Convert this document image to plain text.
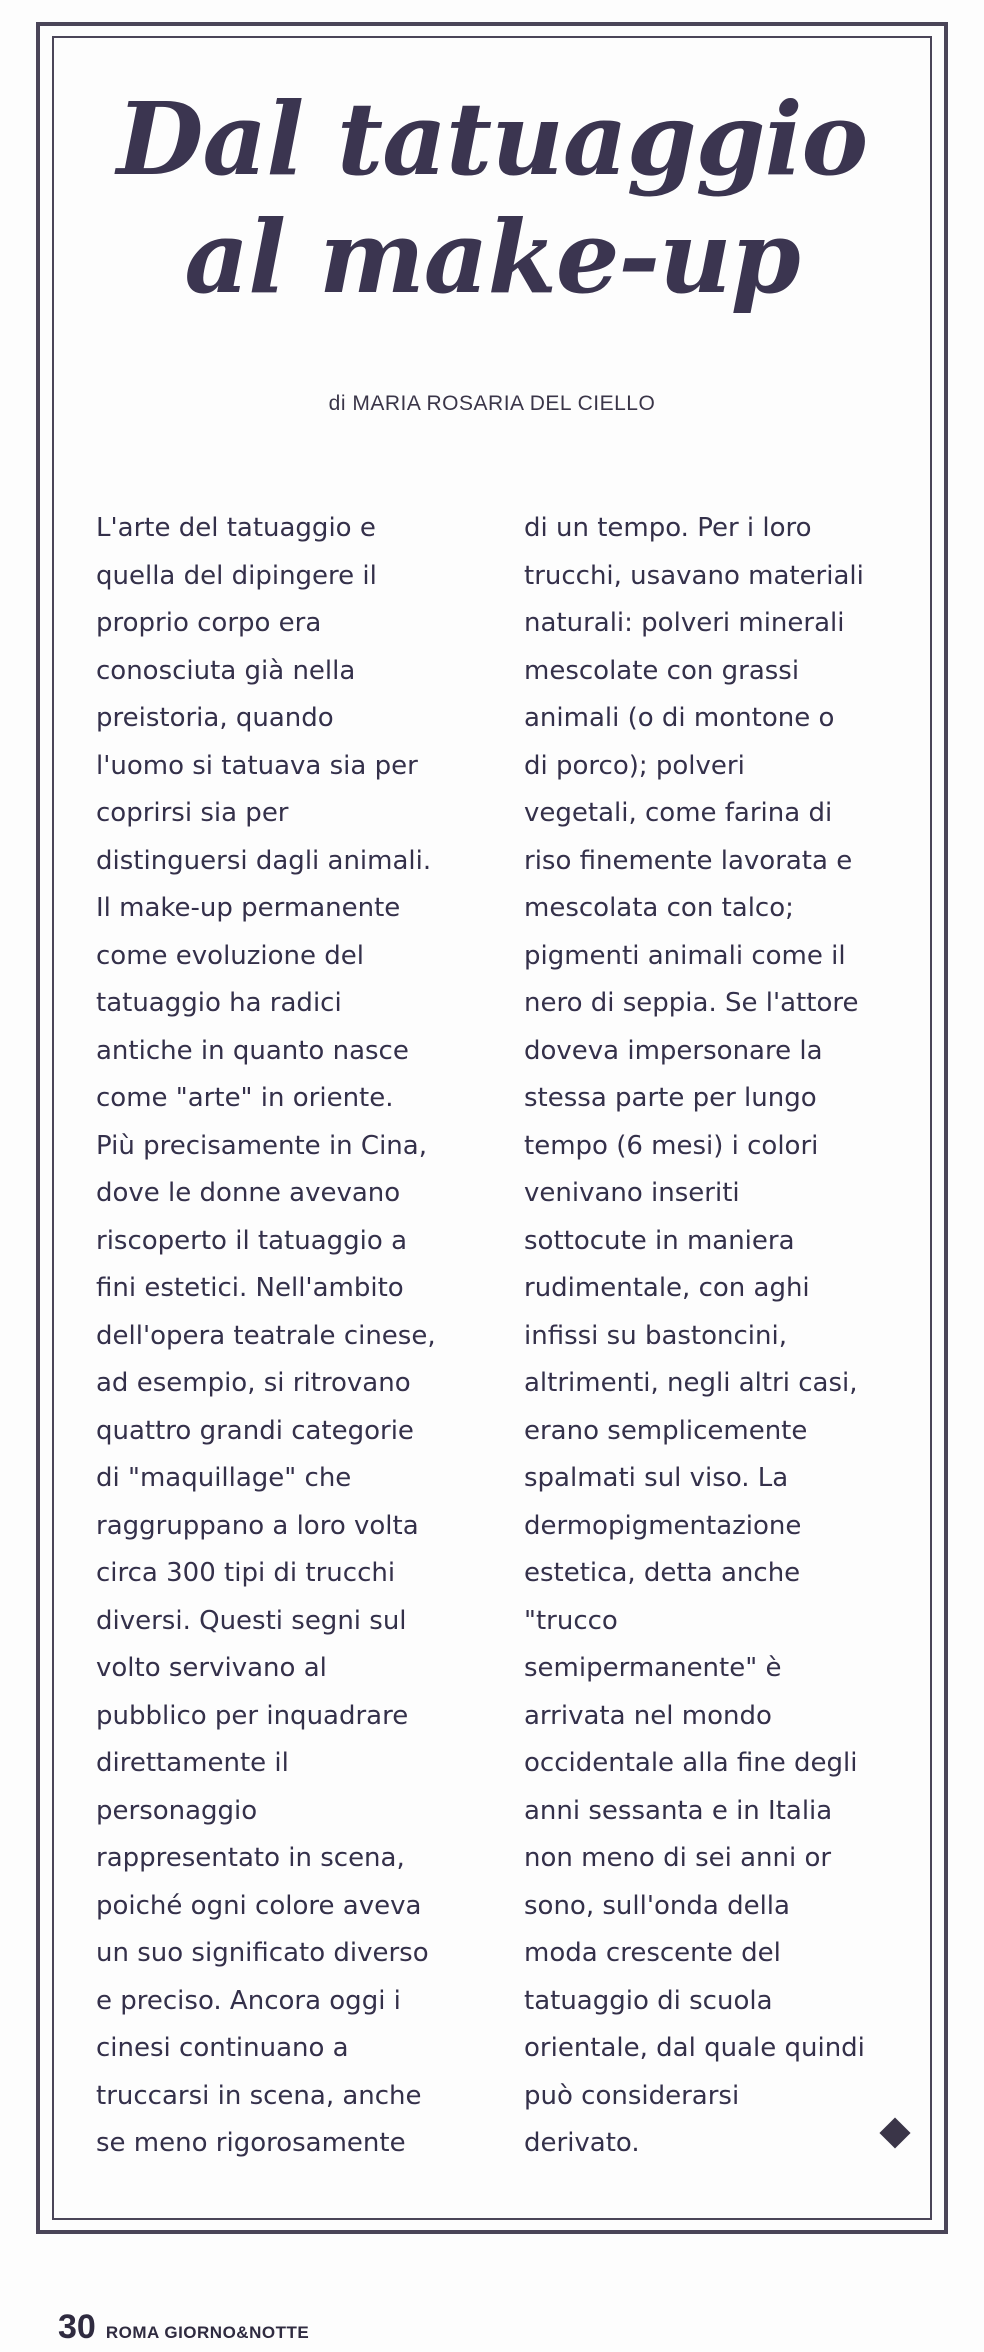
Dal tatuaggio
al make-up
di MARIA ROSARIA DEL CIELLO
L'arte del tatuaggio e
quella del dipingere il
proprio corpo era
conosciuta già nella
preistoria, quando
l'uomo si tatuava sia per
coprirsi sia per
distinguersi dagli animali.
Il make-up permanente
come evoluzione del
tatuaggio ha radici
antiche in quanto nasce
come "arte" in oriente.
Più precisamente in Cina,
dove le donne avevano
riscoperto il tatuaggio a
fini estetici. Nell'ambito
dell'opera teatrale cinese,
ad esempio, si ritrovano
quattro grandi categorie
di "maquillage" che
raggruppano a loro volta
circa 300 tipi di trucchi
diversi. Questi segni sul
volto servivano al
pubblico per inquadrare
direttamente il
personaggio
rappresentato in scena,
poiché ogni colore aveva
un suo significato diverso
e preciso. Ancora oggi i
cinesi continuano a
truccarsi in scena, anche
se meno rigorosamente
di un tempo. Per i loro
trucchi, usavano materiali
naturali: polveri minerali
mescolate con grassi
animali (o di montone o
di porco); polveri
vegetali, come farina di
riso finemente lavorata e
mescolata con talco;
pigmenti animali come il
nero di seppia. Se l'attore
doveva impersonare la
stessa parte per lungo
tempo (6 mesi) i colori
venivano inseriti
sottocute in maniera
rudimentale, con aghi
infissi su bastoncini,
altrimenti, negli altri casi,
erano semplicemente
spalmati sul viso. La
dermopigmentazione
estetica, detta anche
"trucco
semipermanente" è
arrivata nel mondo
occidentale alla fine degli
anni sessanta e in Italia
non meno di sei anni or
sono, sull'onda della
moda crescente del
tatuaggio di scuola
orientale, dal quale quindi
può considerarsi
derivato.
30 ROMA GIORNO&NOTTE
